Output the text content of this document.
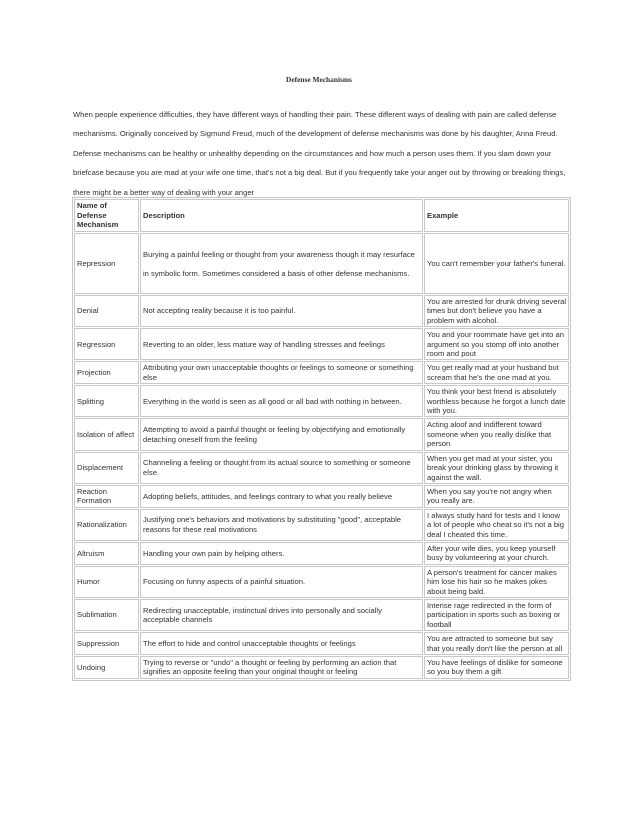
Defense Mechanisms

When people experience difficulties, they have different ways of handling their pain. These different ways of dealing with pain are called defense mechanisms. Originally conceived by Sigmund Freud, much of the development of defense mechanisms was done by his daughter, Anna Freud. Defense mechanisms can be healthy or unhealthy depending on the circumstances and how much a person uses them. If you slam down your briefcase because you are mad at your wife one time, that's not a big deal. But if you frequently take your anger out by throwing or breaking things, there might be a better way of dealing with your anger

Name of Defense Mechanism	Description	Example
Repression	Burying a painful feeling or thought from your awareness though it may resurface in symbolic form. Sometimes considered a basis of other defense mechanisms.	You can't remember your father's funeral.
Denial	Not accepting reality because it is too painful.	You are arrested for drunk driving several times but don't believe you have a problem with alcohol.
Regression	Reverting to an older, less mature way of handling stresses and feelings	You and your roommate have get into an argument so you stomp off into another room and pout
Projection	Attributing your own unacceptable thoughts or feelings to someone or something else	You get really mad at your husband but scream that he's the one mad at you.
Splitting	Everything in the world is seen as all good or all bad with nothing in between.	You think your best friend is absolutely worthless because he forgot a lunch date with you.
Isolation of affect	Attempting to avoid a painful thought or feeling by objectifying and emotionally detaching oneself from the feeling	Acting aloof and indifferent toward someone when you really dislike that person
Displacement	Channeling a feeling or thought from its actual source to something or someone else.	When you get mad at your sister, you break your drinking glass by throwing it against the wall.
Reaction Formation	Adopting beliefs, attitudes, and feelings contrary to what you really believe	When you say you're not angry when you really are.
Rationalization	Justifying one's behaviors and motivations by substituting "good", acceptable reasons for these real motivations	I always study hard for tests and I know a lot of people who cheat so it's not a big deal I cheated this time.
Altruism	Handling your own pain by helping others.	After your wife dies, you keep yourself busy by volunteering at your church.
Humor	Focusing on funny aspects of a painful situation.	A person's treatment for cancer makes him lose his hair so he makes jokes about being bald.
Sublimation	Redirecting unacceptable, instinctual drives into personally and socially acceptable channels	Intense rage redirected in the form of participation in sports such as boxing or football
Suppression	The effort to hide and control unacceptable thoughts or feelings	You are attracted to someone but say that you really don't like the person at all
Undoing	Trying to reverse or "undo" a thought or feeling by performing an action that signifies an opposite feeling than your original thought or feeling	You have feelings of dislike for someone so you buy them a gift
